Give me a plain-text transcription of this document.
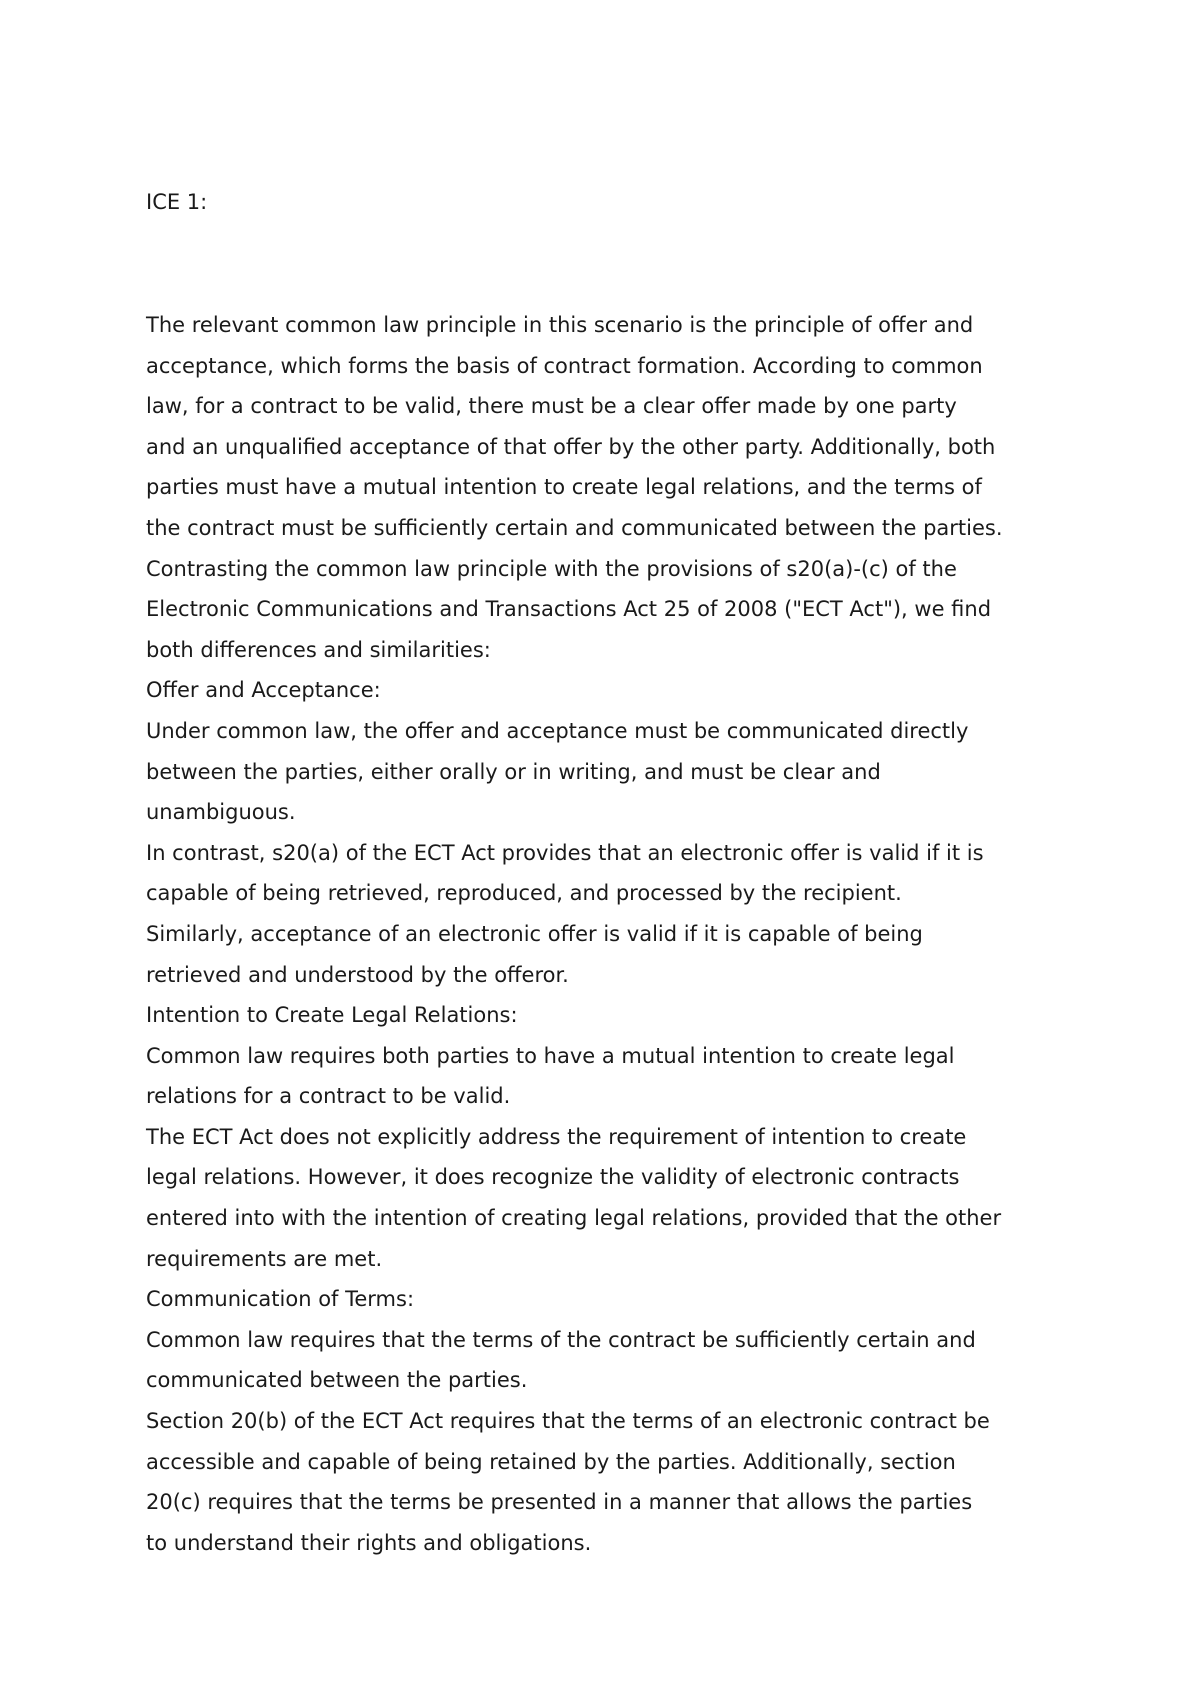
ICE 1:
The relevant common law principle in this scenario is the principle of offer and
acceptance, which forms the basis of contract formation. According to common
law, for a contract to be valid, there must be a clear offer made by one party
and an unqualified acceptance of that offer by the other party. Additionally, both
parties must have a mutual intention to create legal relations, and the terms of
the contract must be sufficiently certain and communicated between the parties.
Contrasting the common law principle with the provisions of s20(a)-(c) of the
Electronic Communications and Transactions Act 25 of 2008 ("ECT Act"), we find
both differences and similarities:
Offer and Acceptance:
Under common law, the offer and acceptance must be communicated directly
between the parties, either orally or in writing, and must be clear and
unambiguous.
In contrast, s20(a) of the ECT Act provides that an electronic offer is valid if it is
capable of being retrieved, reproduced, and processed by the recipient.
Similarly, acceptance of an electronic offer is valid if it is capable of being
retrieved and understood by the offeror.
Intention to Create Legal Relations:
Common law requires both parties to have a mutual intention to create legal
relations for a contract to be valid.
The ECT Act does not explicitly address the requirement of intention to create
legal relations. However, it does recognize the validity of electronic contracts
entered into with the intention of creating legal relations, provided that the other
requirements are met.
Communication of Terms:
Common law requires that the terms of the contract be sufficiently certain and
communicated between the parties.
Section 20(b) of the ECT Act requires that the terms of an electronic contract be
accessible and capable of being retained by the parties. Additionally, section
20(c) requires that the terms be presented in a manner that allows the parties
to understand their rights and obligations.
